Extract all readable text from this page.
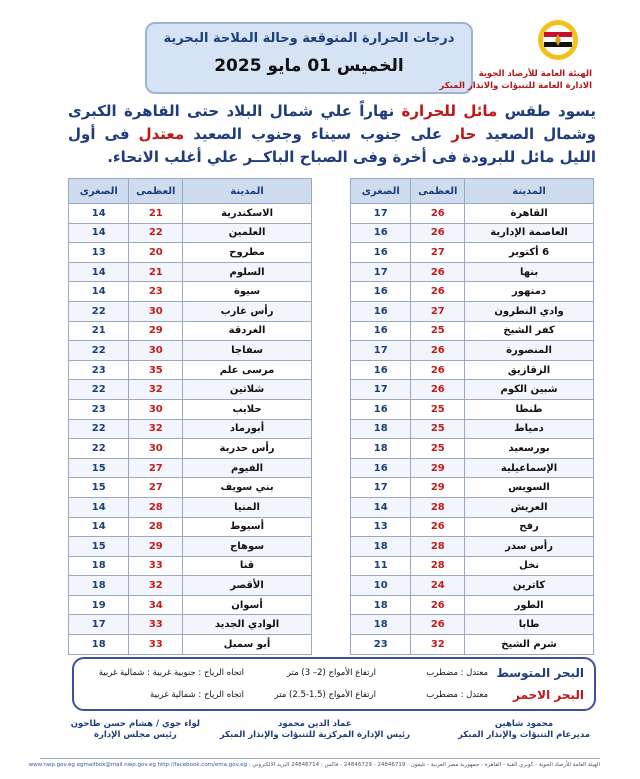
درجات الحرارة المتوقعة وحالة الملاحة البحرية
الخميس 01 مايو 2025	الهيئة العامة للأرصاد الجوية
الادارة العامة للتنبؤات والانذار المبكر
يسود طقس مائل للحرارة نهاراً علي شمال البلاد حتى القاهرة الكبرى وشمال الصعيد حار على جنوب سيناء وجنوب الصعيد معتدل فى أول الليل مائل للبرودة فى أخرة وفى الصباح الباكــر علي أغلب الانحاء.
المدينة	العظمى	الصغرى
القاهرة	26	17
العاصمة الإدارية	26	16
6 أكتوبر	27	16
بنها	26	17
دمنهور	26	16
وادي النطرون	27	16
كفر الشيخ	25	16
المنصورة	26	17
الزقازيق	26	16
شبين الكوم	26	17
طنطا	25	16
دمياط	25	18
بورسعيد	25	18
الإسماعيلية	29	16
السويس	29	17
العريش	28	14
رفح	26	13
رأس سدر	28	18
نخل	28	11
كاترين	24	10
الطور	26	18
طابا	26	18
شرم الشيخ	32	23
المدينة	العظمى	الصغرى
الاسكندرية	21	14
العلمين	22	14
مطروح	20	13
السلوم	21	14
سيوة	23	14
رأس غارب	30	22
الغردقة	29	21
سفاجا	30	22
مرسى علم	35	23
شلاتين	32	22
حلايب	30	23
أبورماد	32	22
رأس حدربة	30	22
الفيوم	27	15
بني سويف	27	15
المنيا	28	14
أسيوط	28	14
سوهاج	29	15
قنا	33	18
الأقصر	32	18
أسوان	34	19
الوادي الجديد	33	17
أبو سمبل	33	18
البحر المتوسط
معتدل : مضطرب
ارتفاع الأمواج (2– 3) متر
اتجاه الرياح : جنوبية غربية : شمالية غربية
البحر الاحمر
معتدل : مضطرب
ارتفاع الأمواج (1.5-2.5) متر
اتجاه الرياح : شمالية غربية
محمود شاهين
مديرعام التنبؤات والإنذار المبكر
عماد الدين محمود
رئيس الإدارة المركزية للتنبؤات والإنذار المبكر
لواء جوي / هشام حسن طاحون
رئيس مجلس الإدارة
الهيئة العامة للأرصاد الجوية - كوبري القبة - القاهرة - جمهورية مصر العربية - تليفون : 24846719 - 24846729 - فاكس : 24846714 البريد الالكتروني : www.nwp.gov.eg egmailbox@mail.nwp.gov.eg http://facebook.com/ema.gov.eg
